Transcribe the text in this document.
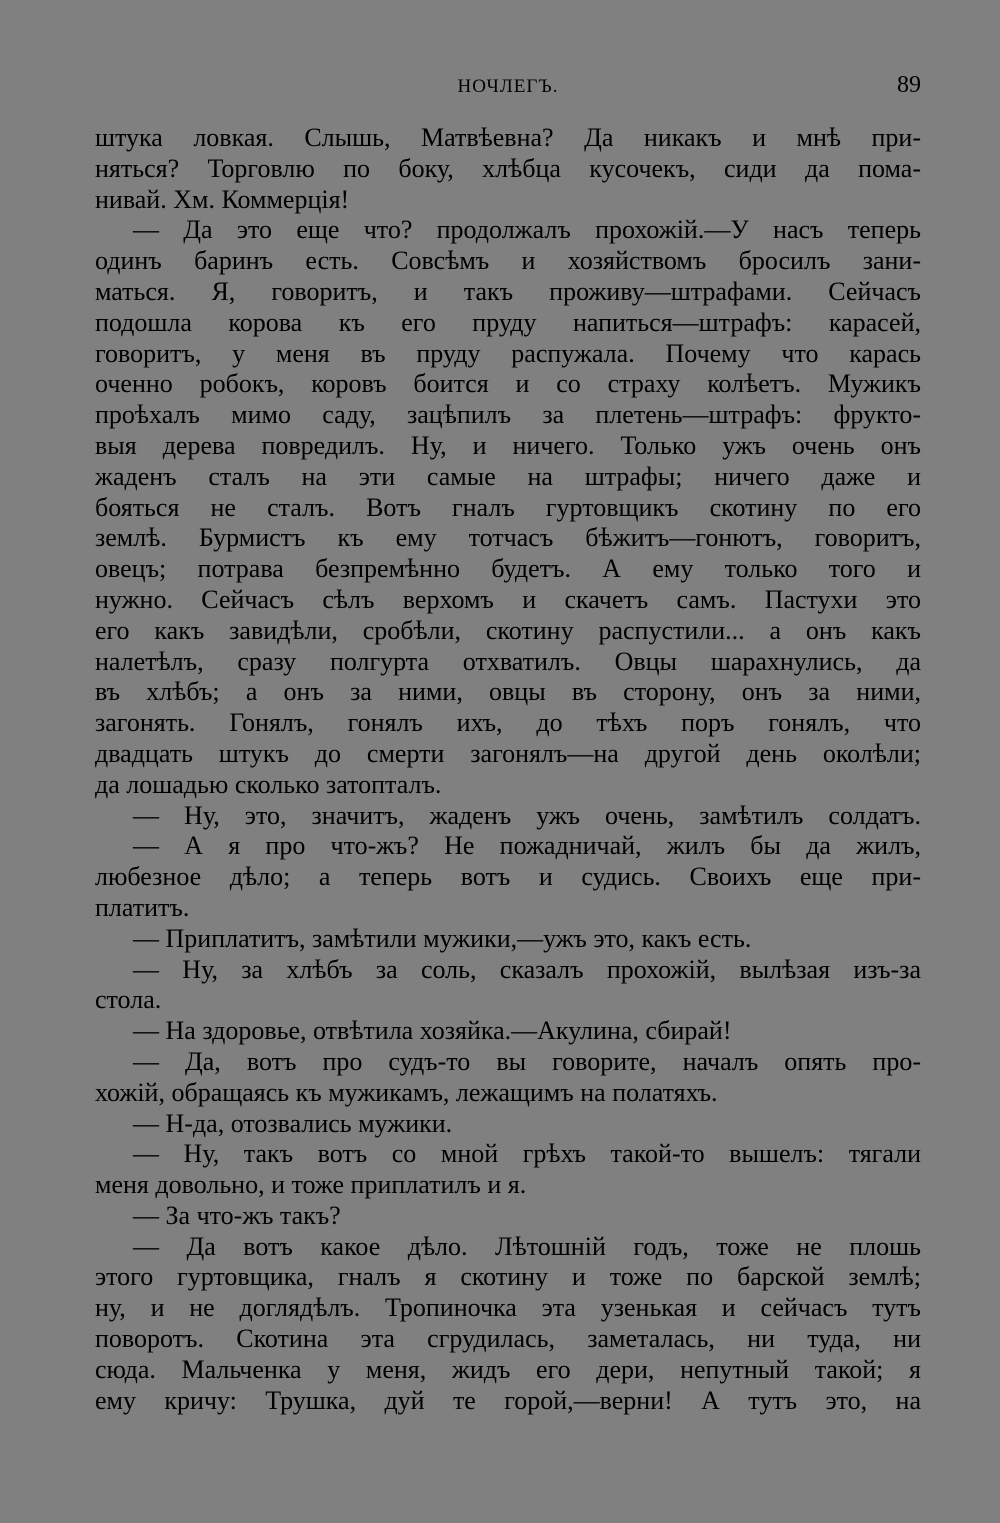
НОЧЛЕГЪ.	89
штука ловкая. Слышь, Матвѣевна? Да никакъ и мнѣ при-
няться? Торговлю по боку, хлѣбца кусочекъ, сиди да пома-
нивай. Хм. Коммерція!
— Да это еще что? продолжалъ прохожій.—У насъ теперь
одинъ баринъ есть. Совсѣмъ и хозяйствомъ бросилъ зани-
маться. Я, говоритъ, и такъ проживу—штрафами. Сейчасъ
подошла корова къ его пруду напиться—штрафъ: карасей,
говоритъ, у меня въ пруду распужала. Почему что карась
оченно робокъ, коровъ боится и со страху колѣетъ. Мужикъ
проѣхалъ мимо саду, зацѣпилъ за плетень—штрафъ: фрукто-
выя дерева повредилъ. Ну, и ничего. Только ужъ очень онъ
жаденъ сталъ на эти самые на штрафы; ничего даже и
бояться не сталъ. Вотъ гналъ гуртовщикъ скотину по его
землѣ. Бурмистъ къ ему тотчасъ бѣжитъ—гонютъ, говоритъ,
овецъ; потрава безпремѣнно будетъ. А ему только того и
нужно. Сейчасъ сѣлъ верхомъ и скачетъ самъ. Пастухи это
его какъ завидѣли, сробѣли, скотину распустили... а онъ какъ
налетѣлъ, сразу полгурта отхватилъ. Овцы шарахнулись, да
въ хлѣбъ; а онъ за ними, овцы въ сторону, онъ за ними,
загонять. Гонялъ, гонялъ ихъ, до тѣхъ поръ гонялъ, что
двадцать штукъ до смерти загонялъ—на другой день околѣли;
да лошадью сколько затопталъ.
— Ну, это, значитъ, жаденъ ужъ очень, замѣтилъ солдатъ.
— А я про что-жъ? Не пожадничай, жилъ бы да жилъ,
любезное дѣло; а теперь вотъ и судись. Своихъ еще при-
платитъ.
— Приплатитъ, замѣтили мужики,—ужъ это, какъ есть.
— Ну, за хлѣбъ за соль, сказалъ прохожій, вылѣзая изъ-за
стола.
— На здоровье, отвѣтила хозяйка.—Акулина, сбирай!
— Да, вотъ про судъ-то вы говорите, началъ опять про-
хожій, обращаясь къ мужикамъ, лежащимъ на полатяхъ.
— Н-да, отозвались мужики.
— Ну, такъ вотъ со мной грѣхъ такой-то вышелъ: тягали
меня довольно, и тоже приплатилъ и я.
— За что-жъ такъ?
— Да вотъ какое дѣло. Лѣтошній годъ, тоже не плошь
этого гуртовщика, гналъ я скотину и тоже по барской землѣ;
ну, и не доглядѣлъ. Тропиночка эта узенькая и сейчасъ тутъ
поворотъ. Скотина эта сгрудилась, заметалась, ни туда, ни
сюда. Мальченка у меня, жидъ его дери, непутный такой; я
ему кричу: Трушка, дуй те горой,—верни! А тутъ это, на
